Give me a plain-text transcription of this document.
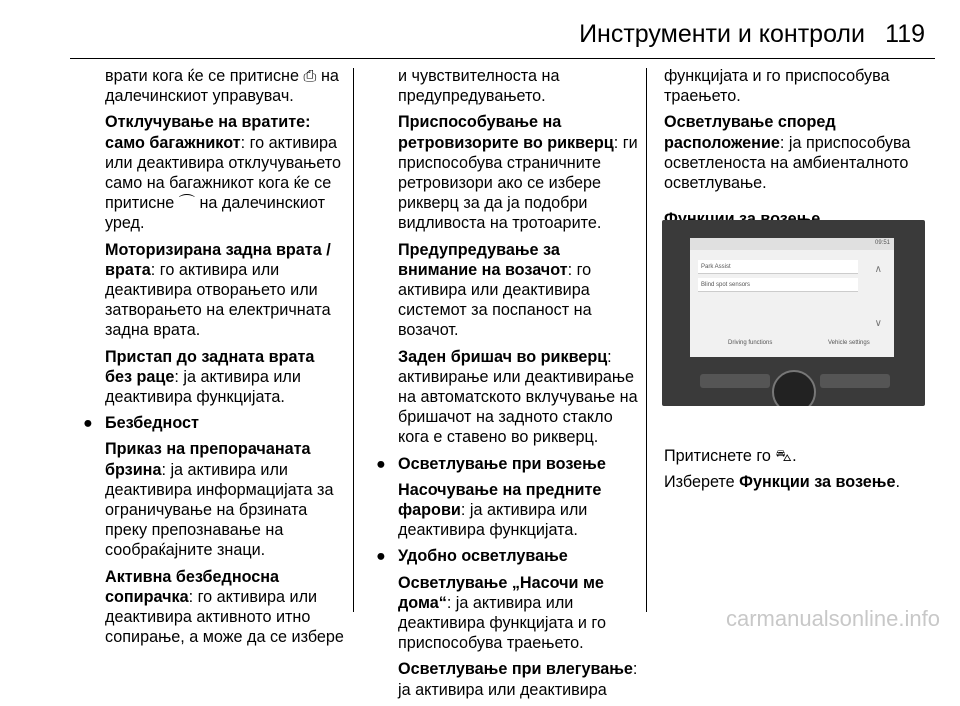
Инструменти и контроли 119

врати кога ќе се притисне ⎙ на далечинскиот управувач.

Отклучување на вратите: само багажникот: го активира или деактивира отклучувањето само на багажникот кога ќе се притисне ⌒ на далечинскиот уред.

Моторизирана задна врата / врата: го активира или деактивира отворањето или затворањето на електричната задна врата.

Пристап до задната врата без раце: ја активира или деактивира функцијата.

● Безбедност

Приказ на препорачаната брзина: ја активира или деактивира информацијата за ограничувањe на брзината преку препознавање на сообраќајните знаци.

Активна безбедносна сопирачка: го активира или деактивира активното итно сопирање, а може да се избере

и чувствителноста на предупредувањето.

Приспособување на ретровизорите во рикверц: ги приспособува страничните ретровизори ако се избере рикверц за да ја подобри видливоста на тротоарите.

Предупредување за внимание на возачот: го активира или деактивира системот за поспаност на возачот.

Заден бришач во рикверц: активирање или деактивирање на автоматското вклучување на бришачот на задното стакло кога е ставено во рикверц.

● Осветлување при возење

Насочување на предните фарови: ја активира или деактивира функцијата.

● Удобно осветлување

Осветлување „Насочи ме дома“: ја активира или деактивира функцијата и го приспособува траењето.

Осветлување при влегување: ја активира или деактивира

функцијата и го приспособува траењето.

Осветлување според расположение: ја приспособува осветленоста на амбиенталното осветлување.

09:51
Park Assist
Blind spot sensors
∧
∨
Driving functions	Vehicle settings

Притиснете го ⛍.

Изберете Функции за возење.

carmanualsonline.info
